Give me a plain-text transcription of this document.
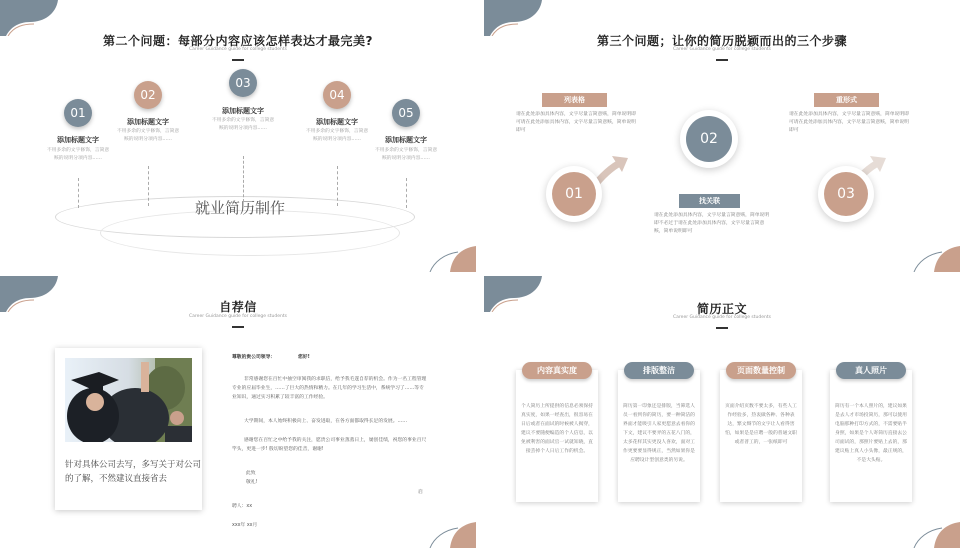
第二个问题：每部分内容应该怎样表达才最完美?
Career Guidance guide for college students
就业简历制作
01
添加标题文字
不用多余的文字修饰，言简意赅的说明分项内容……
02
添加标题文字
不用多余的文字修饰，言简意赅的说明分项内容……
03
添加标题文字
不用多余的文字修饰，言简意赅的说明分项内容……
04
添加标题文字
不用多余的文字修饰，言简意赅的说明分项内容……
05
添加标题文字
不用多余的文字修饰，言简意赅的说明分项内容……
第三个问题；让你的简历脱颖而出的三个步骤
Career Guidance guide for college students
列表格
请在此处添加具体内容，文字尽量言简意赅，简单说明即可请在此处添加具体内容，文字尽量言简意赅，简单说明即可
01
02
找关联
请在此处添加具体内容，文字尽量言简意赅，简单说明即不必过于请在此处添加具体内容，文字尽量言简意赅，简单说明即可
重形式
请在此处添加具体内容，文字尽量言简意赅，简单说明即可请在此处添加具体内容，文字尽量言简意赅，简单说明即可
03
自荐信
Career Guidance guide for college students
针对具体公司去写，多写关于对公司的了解，不然建议直接省去
尊敬的贵公司领导：	您好!
非常感谢您在百忙中抽空审阅我的求职信，给予我毛遂自荐的机会。作为一名工程管理专业的应届毕业生，……了巨大的热情和精力。在几年的学习生活中，系统学习了……等专业知识，通过实习积累了较丰富的工作经验。
大学期间，本人始终积极向上、奋发进取，在各方面都取得长足的发展。……
感谢您在百忙之中给予我的关注，愿贵公司事业蒸蒸日上，屡创佳绩，祝您的事业百尺竿头，更进一步! 殷切盼望您的佳音，谢谢!
此致
敬礼!
启
聘人：xx
xxx年 xx月
简历正文
Career Guidance guide for college students
内容真实度
个人简历上所提供的信息必须保持真实度，如果一经查出，很容易在日后或者在面试的时候被人揭穿，建议不要随便编造的个人信息，以免被利害的面试官一试就知晓，直接丢掉个人日后工作的机会。
排版整洁
简历第一印象还是排版，当筛选人员一看到你的简历，要一种简洁的界面才能吸引人家更愿意去看你的下文，建议不要弄的五花八门的，太多花样其实更没人喜欢，面对工作更要要显得规正，当然如果你是应聘设计型创意类的另说。
页面数量控制
页面介绍页数不要太多，有些人工作经验多，热衷做各种、各种表达，繁文缛节的文字让人看得害怕，如果是是应聘一般的普通文职或者普工的，一张纸即可
真人照片
简历有一个本人照片的，建议如果是去人才市场投简历，那可以使用电脑那种打印方式的，不需要贴半身照，如果是个人寄简历直接去公司面试的，那照片要贴上去的，那建议贴上真人小头像，最正规的，不是大头贴。
